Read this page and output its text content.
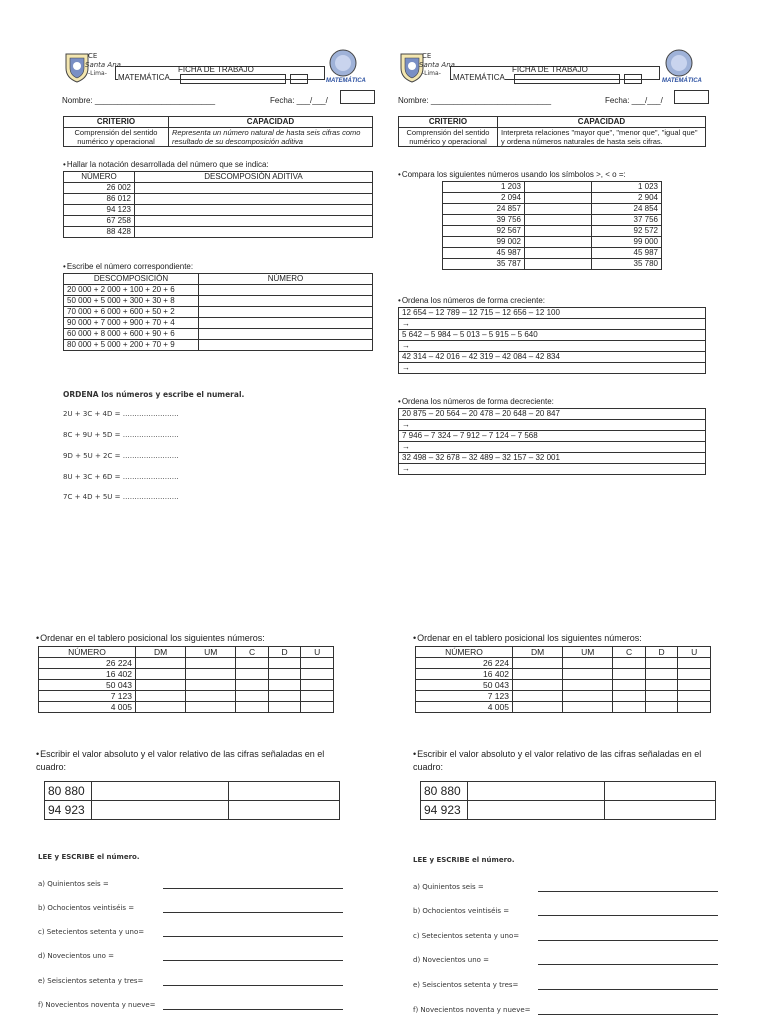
CE
Santa Ana
-Lima-	FICHA DE TRABAJO
MATEMÁTICA	MATEMÁTICA
Nombre: ___________________________	Fecha: ___/___/
CRITERIO	CAPACIDAD
Comprensión del sentido numérico y operacional	Representa un número natural de hasta seis cifras como resultado de su descomposición aditiva
• Hallar la notación desarrollada del número que se indica:
NÚMERO	DESCOMPOSIÓN ADITIVA
26 002	
86 012	
94 123	
67 258	
88 428	
• Escribe el número correspondiente:
DESCOMPOSICIÓN	NÚMERO
20 000 + 2 000 + 100 + 20 + 6	
50 000 + 5 000 + 300 + 30 + 8	
70 000 + 6 000 + 600 + 50 + 2	
90 000 + 7 000 + 900 + 70 + 4	
60 000 + 8 000 + 600 + 90 + 6	
80 000 + 5 000 + 200 + 70 + 9	
ORDENA los números y escribe el numeral.
2U + 3C + 4D = ……………………
8C + 9U + 5D = ……………………
9D + 5U + 2C = ……………………
8U + 3C + 6D = ……………………
7C + 4D + 5U = ……………………
CE
Santa Ana
-Lima-	FICHA DE TRABAJO
MATEMÁTICA	MATEMÁTICA
Nombre: ___________________________	Fecha: ___/___/
CRITERIO	CAPACIDAD
Comprensión del sentido numérico y operacional	Interpreta relaciones "mayor que", "menor que", "igual que" y ordena números naturales de hasta seis cifras.
• Compara los siguientes números usando los símbolos >, < o =:
1 203		1 023
2 094		2 904
24 857		24 854
39 756		37 756
92 567		92 572
99 002		99 000
45 987		45 987
35 787		35 780
• Ordena los números de forma creciente:
12 654 – 12 789 – 12 715 – 12 656 – 12 100
→
5 642 – 5 984 – 5 013 – 5 915 – 5 640
→
42 314 – 42 016 – 42 319 – 42 084 – 42 834
→
• Ordena los números de forma decreciente:
20 875 – 20 564 – 20 478 – 20 648 – 20 847
→
7 946 – 7 324 – 7 912 – 7 124 – 7 568
→
32 498 – 32 678 – 32 489 – 32 157 – 32 001
→
• Ordenar en el tablero posicional los siguientes números:
NÚMERO	DM	UM	C	D	U
26 224					
16 402					
50 043					
7 123					
4 005					
• Escribir el valor absoluto y el valor relativo de las cifras señaladas en el cuadro:
80 880		
94 923		
LEE y ESCRIBE el número.
a) Quinientos seis =
b) Ochocientos veintiséis =
c) Setecientos setenta y uno=
d) Novecientos uno =
e) Seiscientos setenta y tres=
f) Novecientos noventa y nueve=
• Ordenar en el tablero posicional los siguientes números:
NÚMERO	DM	UM	C	D	U
26 224					
16 402					
50 043					
7 123					
4 005					
• Escribir el valor absoluto y el valor relativo de las cifras señaladas en el cuadro:
80 880		
94 923		
LEE y ESCRIBE el número.
a) Quinientos seis =
b) Ochocientos veintiséis =
c) Setecientos setenta y uno=
d) Novecientos uno =
e) Seiscientos setenta y tres=
f) Novecientos noventa y nueve=
